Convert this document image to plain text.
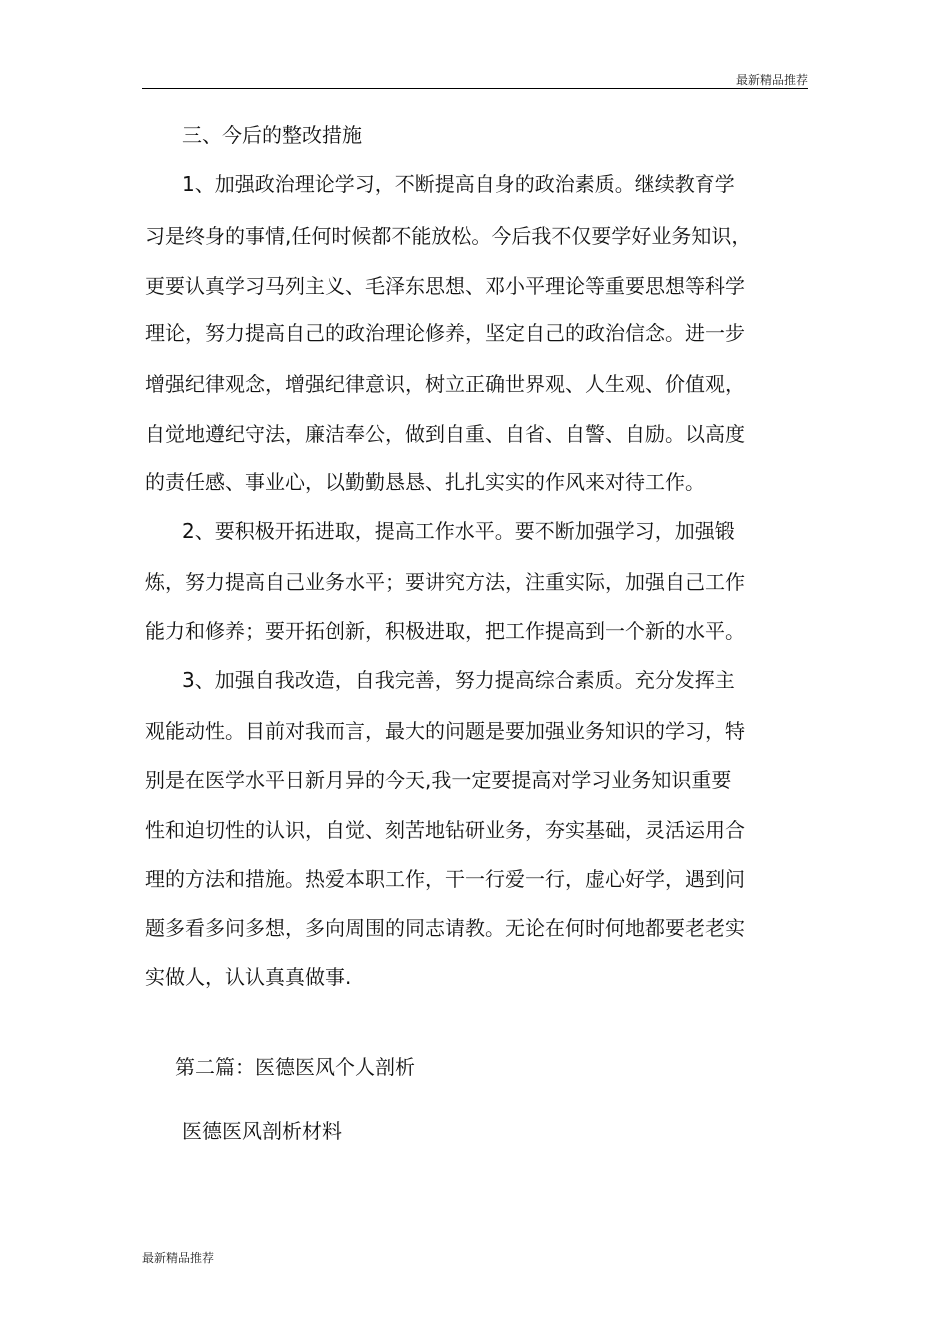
最新精品推荐
三、今后的整改措施
1、加强政治理论学习，不断提高自身的政治素质。继续教育学
习是终身的事情,任何时候都不能放松。今后我不仅要学好业务知识，
更要认真学习马列主义、毛泽东思想、邓小平理论等重要思想等科学
理论，努力提高自己的政治理论修养，坚定自己的政治信念。进一步
增强纪律观念，增强纪律意识，树立正确世界观、人生观、价值观，
自觉地遵纪守法，廉洁奉公，做到自重、自省、自警、自励。以高度
的责任感、事业心，以勤勤恳恳、扎扎实实的作风来对待工作。
2、要积极开拓进取，提高工作水平。要不断加强学习，加强锻
炼，努力提高自己业务水平；要讲究方法，注重实际，加强自己工作
能力和修养；要开拓创新，积极进取，把工作提高到一个新的水平。
3、加强自我改造，自我完善，努力提高综合素质。充分发挥主
观能动性。目前对我而言，最大的问题是要加强业务知识的学习，特
别是在医学水平日新月异的今天,我一定要提高对学习业务知识重要
性和迫切性的认识，自觉、刻苦地钻研业务，夯实基础，灵活运用合
理的方法和措施。热爱本职工作，干一行爱一行，虚心好学，遇到问
题多看多问多想，多向周围的同志请教。无论在何时何地都要老老实
实做人，认认真真做事.
第二篇：医德医风个人剖析
医德医风剖析材料
最新精品推荐
